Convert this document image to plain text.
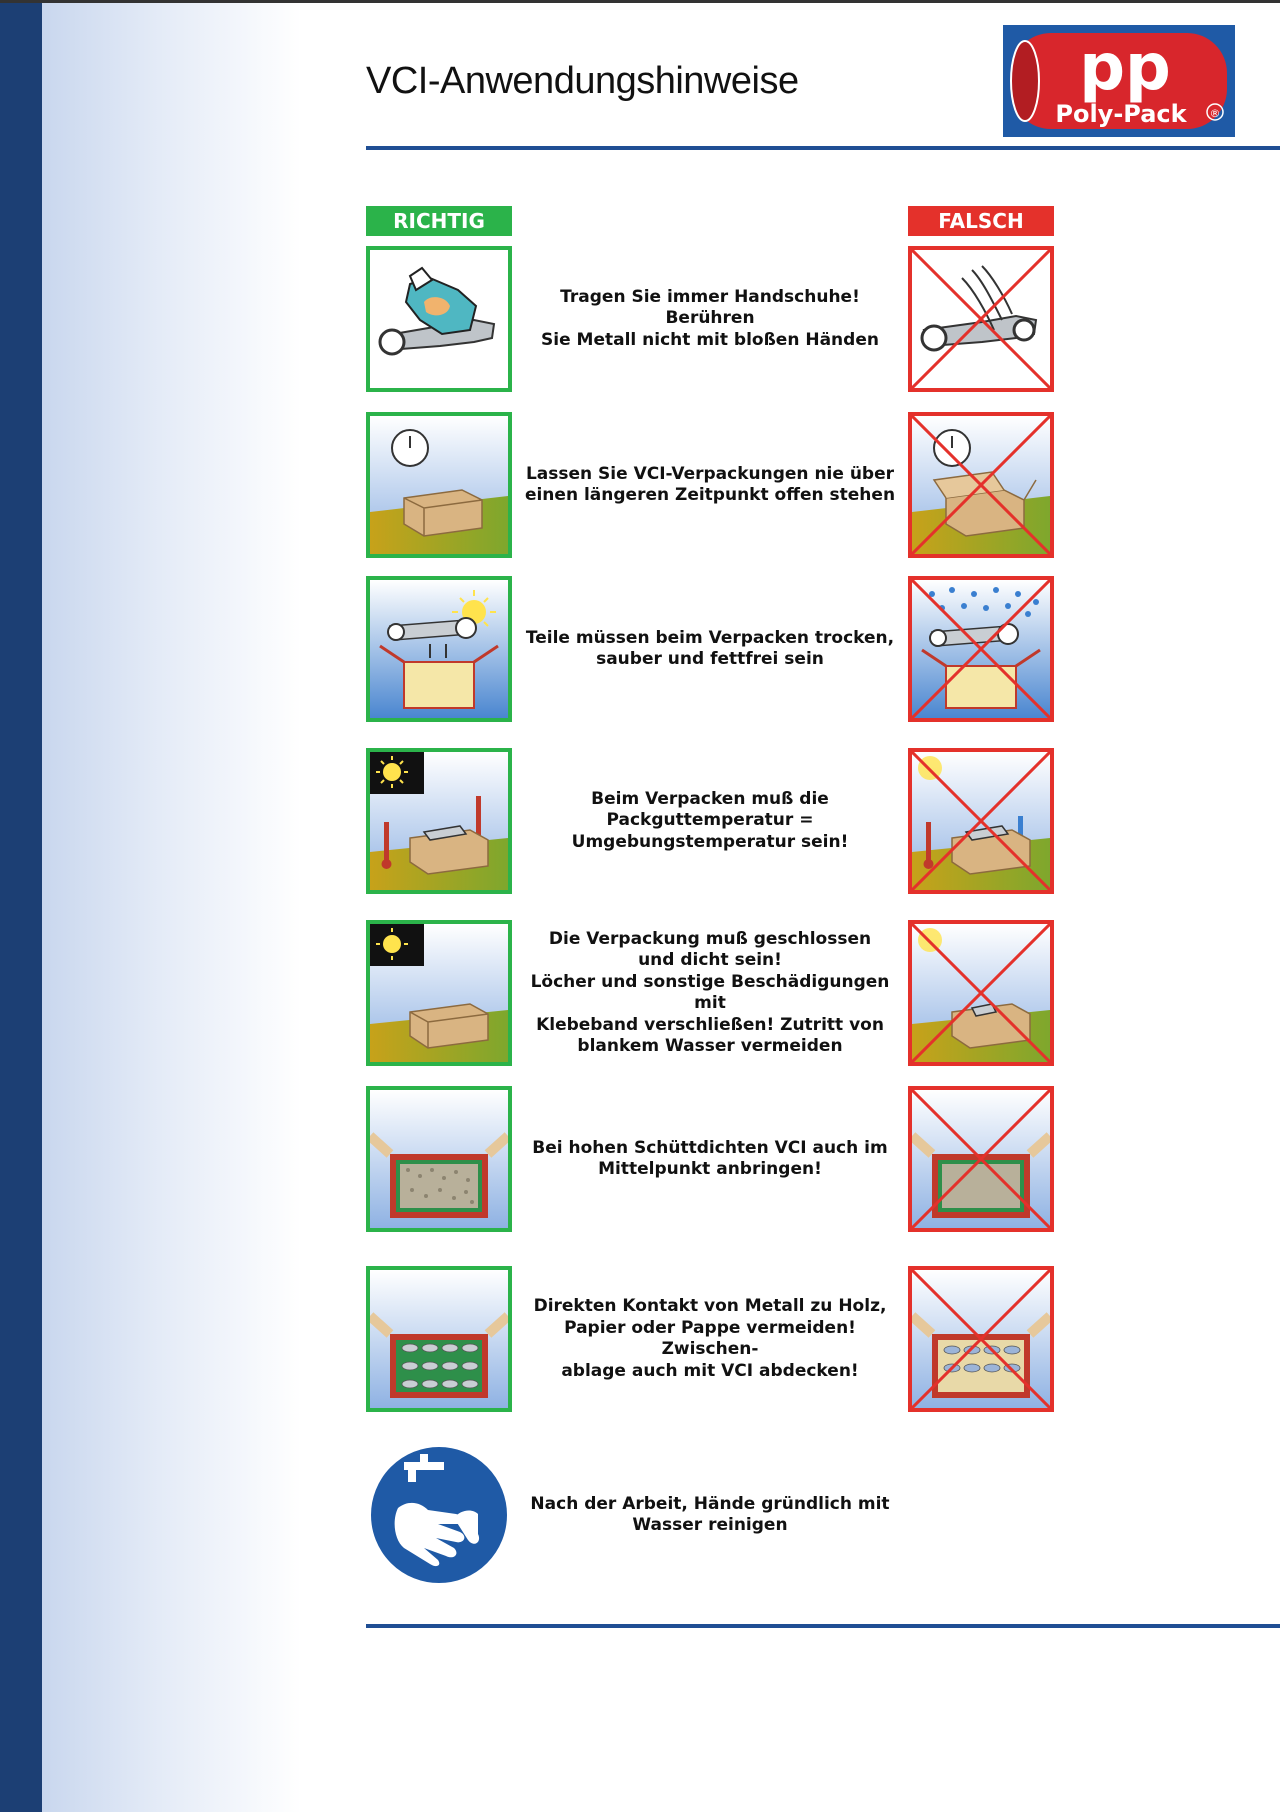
VCI-Anwendungshinweise	pp
Poly-Pack ®
RICHTIG	FALSCH
Tragen Sie immer Handschuhe! Berühren
Sie Metall nicht mit bloßen Händen
Lassen Sie VCI-Verpackungen nie über
einen längeren Zeitpunkt offen stehen
Teile müssen beim Verpacken trocken,
sauber und fettfrei sein
Beim Verpacken muß die
Packguttemperatur =
Umgebungstemperatur sein!
Die Verpackung muß geschlossen
und dicht sein!
Löcher und sonstige Beschädigungen mit
Klebeband verschließen! Zutritt von
blankem Wasser vermeiden
Bei hohen Schüttdichten VCI auch im
Mittelpunkt anbringen!
Direkten Kontakt von Metall zu Holz,
Papier oder Pappe vermeiden! Zwischen-
ablage auch mit VCI abdecken!
Nach der Arbeit, Hände gründlich mit
Wasser reinigen
